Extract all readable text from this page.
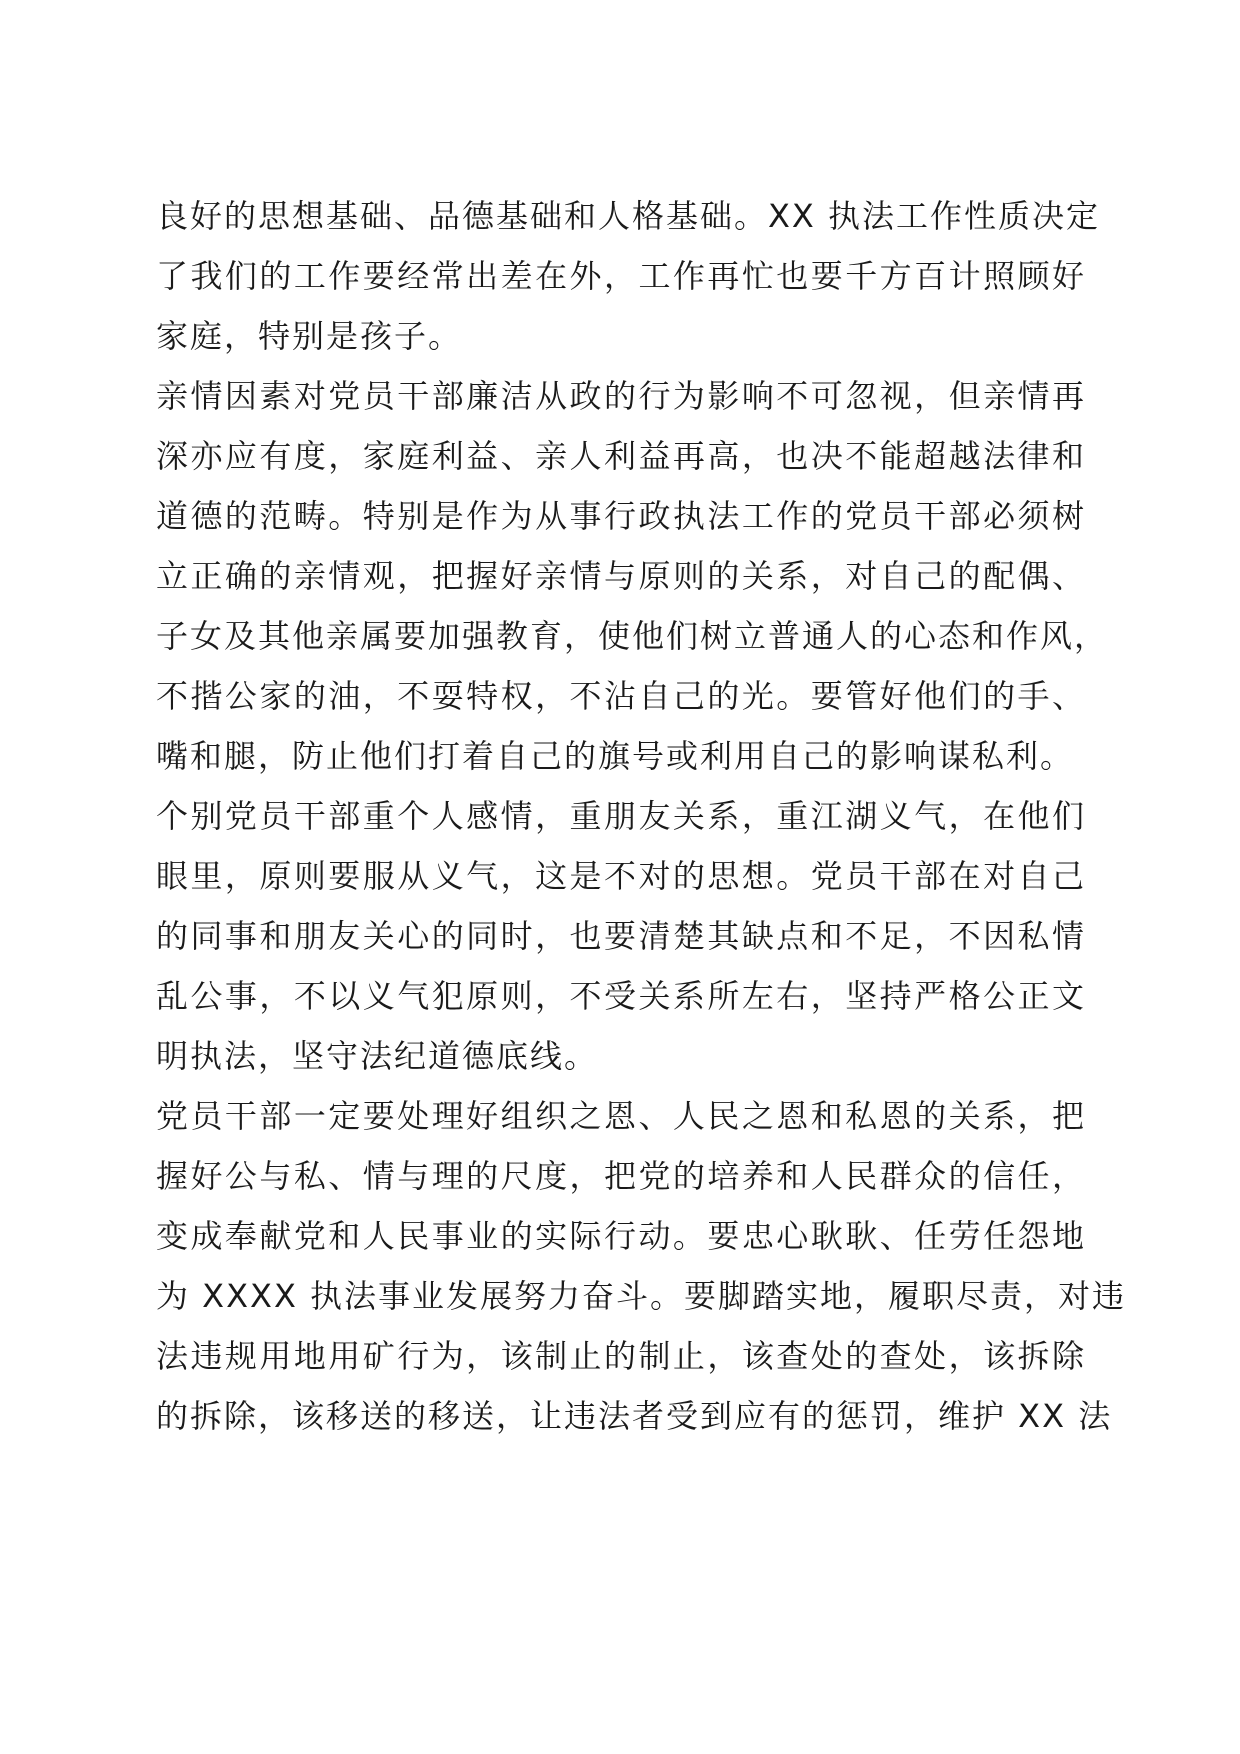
良好的思想基础、品德基础和人格基础。XX 执法工作性质决定
了我们的工作要经常出差在外，工作再忙也要千方百计照顾好
家庭，特别是孩子。
亲情因素对党员干部廉洁从政的行为影响不可忽视，但亲情再
深亦应有度，家庭利益、亲人利益再高，也决不能超越法律和
道德的范畴。特别是作为从事行政执法工作的党员干部必须树
立正确的亲情观，把握好亲情与原则的关系，对自己的配偶、
子女及其他亲属要加强教育，使他们树立普通人的心态和作风，
不揩公家的油，不耍特权，不沾自己的光。要管好他们的手、
嘴和腿，防止他们打着自己的旗号或利用自己的影响谋私利。
个别党员干部重个人感情，重朋友关系，重江湖义气，在他们
眼里，原则要服从义气，这是不对的思想。党员干部在对自己
的同事和朋友关心的同时，也要清楚其缺点和不足，不因私情
乱公事，不以义气犯原则，不受关系所左右，坚持严格公正文
明执法，坚守法纪道德底线。
党员干部一定要处理好组织之恩、人民之恩和私恩的关系，把
握好公与私、情与理的尺度，把党的培养和人民群众的信任，
变成奉献党和人民事业的实际行动。要忠心耿耿、任劳任怨地
为 XXXX 执法事业发展努力奋斗。要脚踏实地，履职尽责，对违
法违规用地用矿行为，该制止的制止，该查处的查处，该拆除
的拆除，该移送的移送，让违法者受到应有的惩罚，维护 XX 法
